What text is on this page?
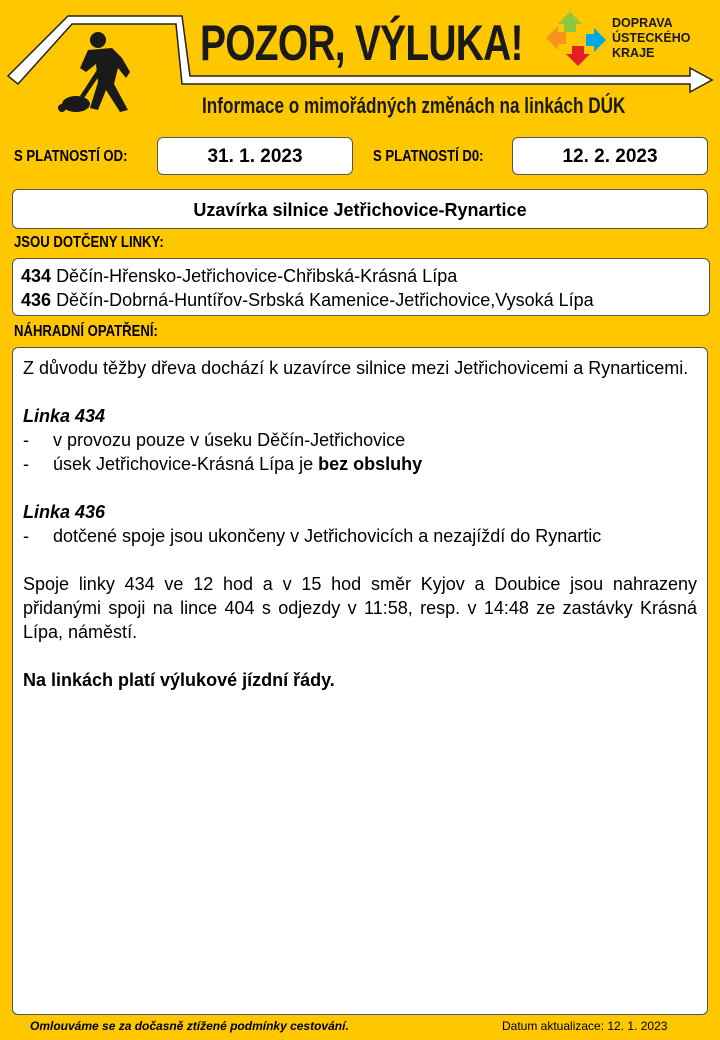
POZOR, VÝLUKA!
Informace o mimořádných změnách na linkách DÚK
DOPRAVA
ÚSTECKÉHO
KRAJE
S PLATNOSTÍ OD:	31. 1. 2023	S PLATNOSTÍ D0:	12. 2. 2023
Uzavírka silnice Jetřichovice-Rynartice
JSOU DOTČENY LINKY:
434 Děčín-Hřensko-Jetřichovice-Chřibská-Krásná Lípa
436 Děčín-Dobrná-Huntířov-Srbská Kamenice-Jetřichovice,Vysoká Lípa
NÁHRADNÍ OPATŘENÍ:

Z důvodu těžby dřeva dochází k uzavírce silnice mezi Jetřichovicemi a Rynarticemi.

Linka 434
-	v provozu pouze v úseku Děčín-Jetřichovice
-	úsek Jetřichovice-Krásná Lípa je bez obsluhy
Linka 436
-	dotčené spoje jsou ukončeny v Jetřichovicích a nezajíždí do Rynartic

Spoje linky 434 ve 12 hod a v 15 hod směr Kyjov a Doubice jsou nahrazeny přidanými spoji na lince 404 s odjezdy v 11:58, resp. v 14:48 ze zastávky Krásná Lípa, náměstí.

Na linkách platí výlukové jízdní řády.
Omlouváme se za dočasně ztížené podmínky cestování.	Datum aktualizace: 12. 1. 2023
